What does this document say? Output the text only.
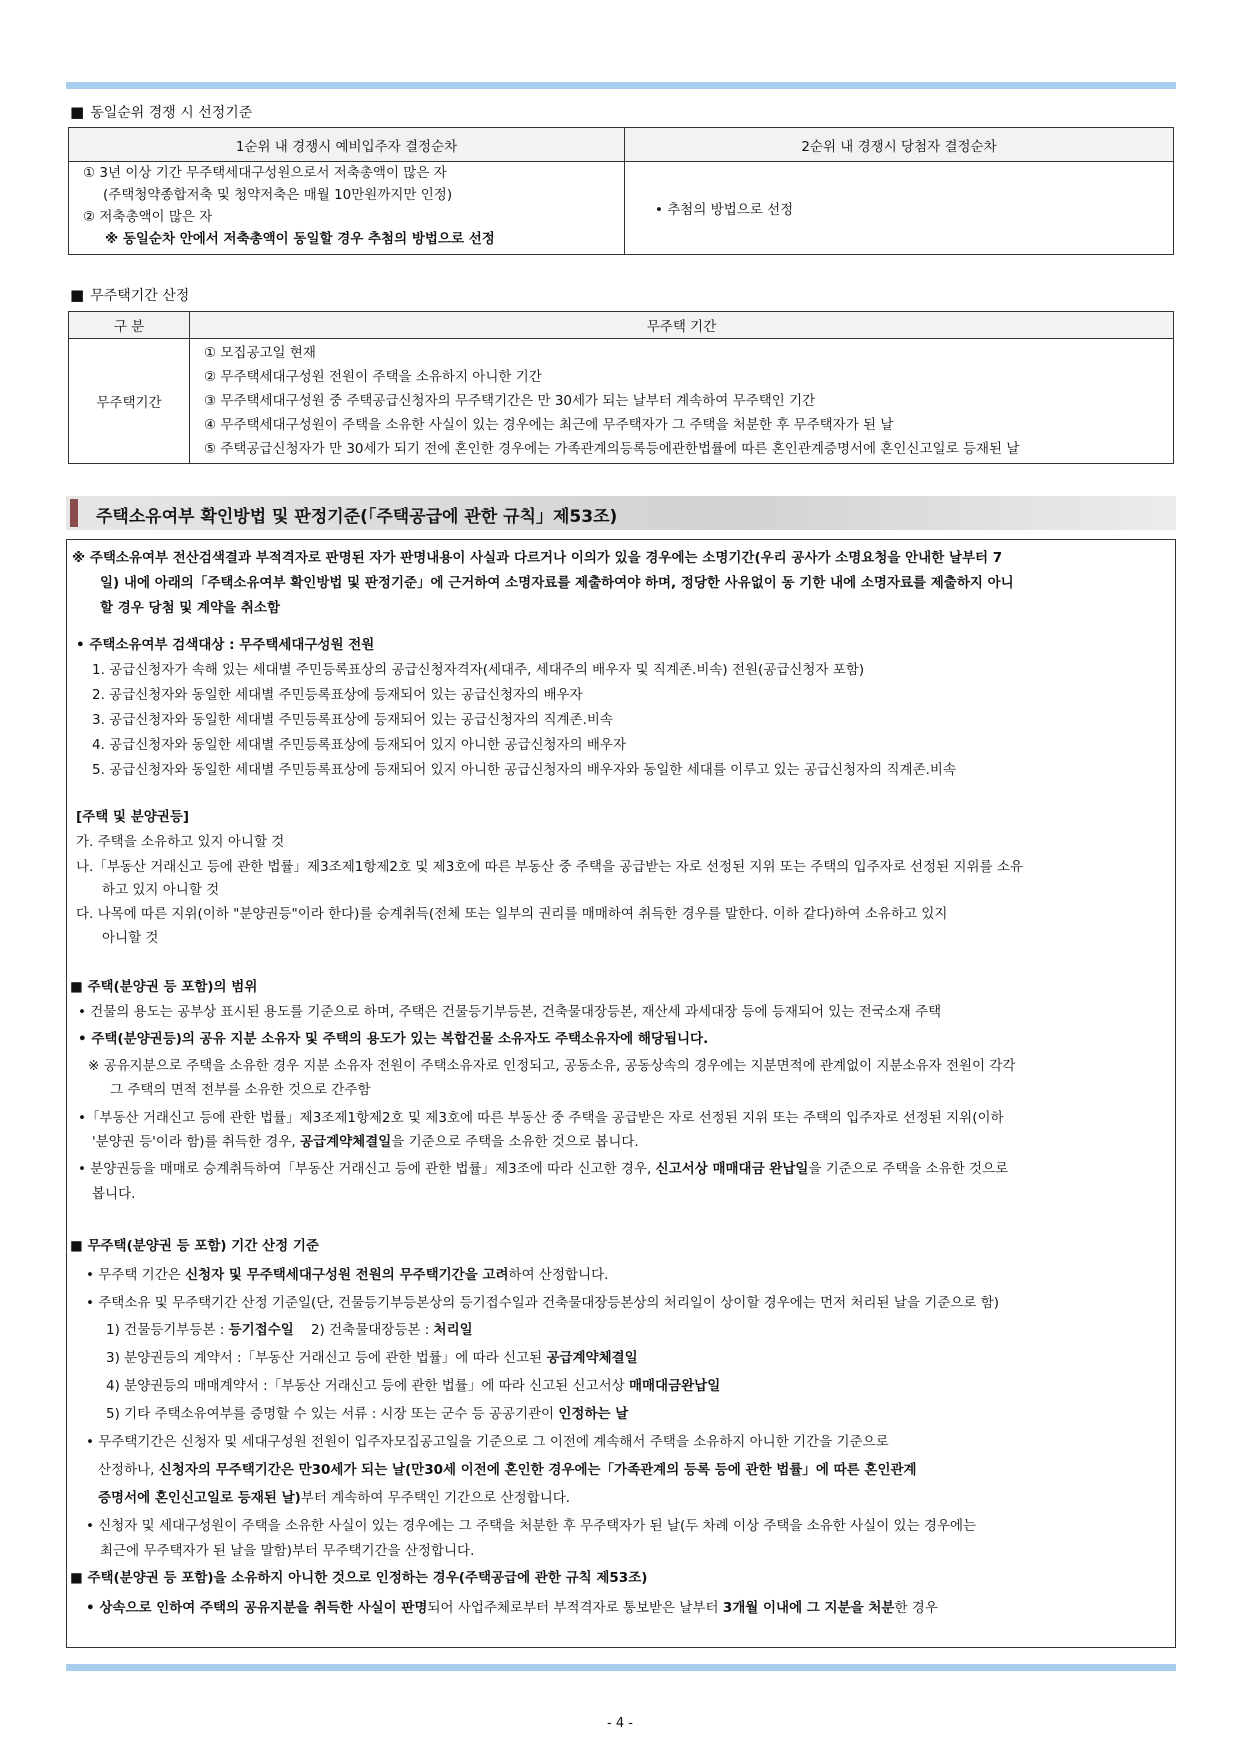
■ 동일순위 경쟁 시 선정기준
1순위 내 경쟁시 예비입주자 결정순차	2순위 내 경쟁시 당첨자 결정순차

① 3년 이상 기간 무주택세대구성원으로서 저축총액이 많은 자
(주택청약종합저축 및 청약저축은 매월 10만원까지만 인정)
② 저축총액이 많은 자
※ 동일순차 안에서 저축총액이 동일할 경우 추첨의 방법으로 선정	• 추첨의 방법으로 선정
■ 무주택기간 산정
구 분	무주택 기간
무주택기간	① 모집공고일 현재
② 무주택세대구성원 전원이 주택을 소유하지 아니한 기간
③ 무주택세대구성원 중 주택공급신청자의 무주택기간은 만 30세가 되는 날부터 계속하여 무주택인 기간
④ 무주택세대구성원이 주택을 소유한 사실이 있는 경우에는 최근에 무주택자가 그 주택을 처분한 후 무주택자가 된 날
⑤ 주택공급신청자가 만 30세가 되기 전에 혼인한 경우에는 가족관계의등록등에관한법률에 따른 혼인관계증명서에 혼인신고일로 등재된 날
주택소유여부 확인방법 및 판정기준(「주택공급에 관한 규칙」제53조)
※ 주택소유여부 전산검색결과 부적격자로 판명된 자가 판명내용이 사실과 다르거나 이의가 있을 경우에는 소명기간(우리 공사가 소명요청을 안내한 날부터 7
일) 내에 아래의「주택소유여부 확인방법 및 판정기준」에 근거하여 소명자료를 제출하여야 하며, 정당한 사유없이 동 기한 내에 소명자료를 제출하지 아니
할 경우 당첨 및 계약을 취소함
• 주택소유여부 검색대상 : 무주택세대구성원 전원
1. 공급신청자가 속해 있는 세대별 주민등록표상의 공급신청자격자(세대주, 세대주의 배우자 및 직계존.비속) 전원(공급신청자 포함)
2. 공급신청자와 동일한 세대별 주민등록표상에 등재되어 있는 공급신청자의 배우자
3. 공급신청자와 동일한 세대별 주민등록표상에 등재되어 있는 공급신청자의 직계존.비속
4. 공급신청자와 동일한 세대별 주민등록표상에 등재되어 있지 아니한 공급신청자의 배우자
5. 공급신청자와 동일한 세대별 주민등록표상에 등재되어 있지 아니한 공급신청자의 배우자와 동일한 세대를 이루고 있는 공급신청자의 직계존.비속
[주택 및 분양권등]
가. 주택을 소유하고 있지 아니할 것
나.「부동산 거래신고 등에 관한 법률」제3조제1항제2호 및 제3호에 따른 부동산 중 주택을 공급받는 자로 선정된 지위 또는 주택의 입주자로 선정된 지위를 소유
하고 있지 아니할 것
다. 나목에 따른 지위(이하 "분양권등"이라 한다)를 승계취득(전체 또는 일부의 권리를 매매하여 취득한 경우를 말한다. 이하 같다)하여 소유하고 있지
아니할 것
■ 주택(분양권 등 포함)의 범위
• 건물의 용도는 공부상 표시된 용도를 기준으로 하며, 주택은 건물등기부등본, 건축물대장등본, 재산세 과세대장 등에 등재되어 있는 전국소재 주택
• 주택(분양권등)의 공유 지분 소유자 및 주택의 용도가 있는 복합건물 소유자도 주택소유자에 해당됩니다.
※ 공유지분으로 주택을 소유한 경우 지분 소유자 전원이 주택소유자로 인정되고, 공동소유, 공동상속의 경우에는 지분면적에 관계없이 지분소유자 전원이 각각
그 주택의 면적 전부를 소유한 것으로 간주함
•「부동산 거래신고 등에 관한 법률」제3조제1항제2호 및 제3호에 따른 부동산 중 주택을 공급받은 자로 선정된 지위 또는 주택의 입주자로 선정된 지위(이하
'분양권 등'이라 함)를 취득한 경우, 공급계약체결일을 기준으로 주택을 소유한 것으로 봅니다.
• 분양권등을 매매로 승계취득하여「부동산 거래신고 등에 관한 법률」제3조에 따라 신고한 경우, 신고서상 매매대금 완납일을 기준으로 주택을 소유한 것으로
봅니다.
■ 무주택(분양권 등 포함) 기간 산정 기준
• 무주택 기간은 신청자 및 무주택세대구성원 전원의 무주택기간을 고려하여 산정합니다.
• 주택소유 및 무주택기간 산정 기준일(단, 건물등기부등본상의 등기접수일과 건축물대장등본상의 처리일이 상이할 경우에는 먼저 처리된 날을 기준으로 함)
1) 건물등기부등본 : 등기접수일 2) 건축물대장등본 : 처리일
3) 분양권등의 계약서 :「부동산 거래신고 등에 관한 법률」에 따라 신고된 공급계약체결일
4) 분양권등의 매매계약서 :「부동산 거래신고 등에 관한 법률」에 따라 신고된 신고서상 매매대금완납일
5) 기타 주택소유여부를 증명할 수 있는 서류 : 시장 또는 군수 등 공공기관이 인정하는 날
• 무주택기간은 신청자 및 세대구성원 전원이 입주자모집공고일을 기준으로 그 이전에 계속해서 주택을 소유하지 아니한 기간을 기준으로
산정하나, 신청자의 무주택기간은 만30세가 되는 날(만30세 이전에 혼인한 경우에는「가족관계의 등록 등에 관한 법률」에 따른 혼인관계
증명서에 혼인신고일로 등재된 날)부터 계속하여 무주택인 기간으로 산정합니다.
• 신청자 및 세대구성원이 주택을 소유한 사실이 있는 경우에는 그 주택을 처분한 후 무주택자가 된 날(두 차례 이상 주택을 소유한 사실이 있는 경우에는
최근에 무주택자가 된 날을 말함)부터 무주택기간을 산정합니다.
■ 주택(분양권 등 포함)을 소유하지 아니한 것으로 인정하는 경우(주택공급에 관한 규칙 제53조)
• 상속으로 인하여 주택의 공유지분을 취득한 사실이 판명되어 사업주체로부터 부적격자로 통보받은 날부터 3개월 이내에 그 지분을 처분한 경우
- 4 -
